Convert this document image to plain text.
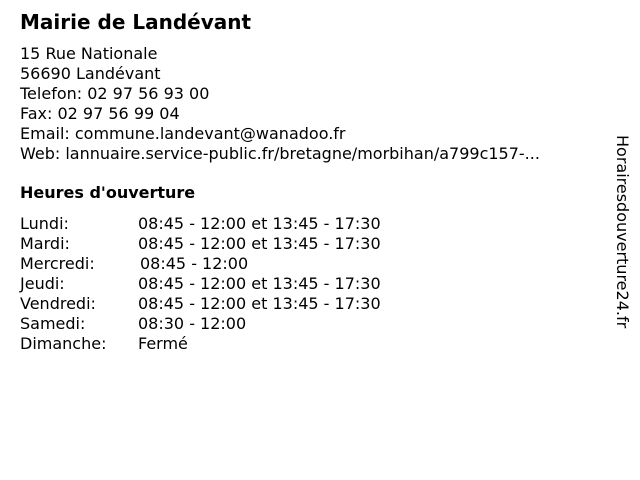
Mairie de Landévant
15 Rue Nationale
56690 Landévant
Telefon: 02 97 56 93 00
Fax: 02 97 56 99 04
Email: commune.landevant@wanadoo.fr
Web: lannuaire.service-public.fr/bretagne/morbihan/a799c157-...
Heures d'ouverture
Lundi:	08:45 - 12:00 et 13:45 - 17:30
Mardi:	08:45 - 12:00 et 13:45 - 17:30
Mercredi:	08:45 - 12:00
Jeudi:	08:45 - 12:00 et 13:45 - 17:30
Vendredi:	08:45 - 12:00 et 13:45 - 17:30
Samedi:	08:30 - 12:00
Dimanche: Fermé
Horairesdouverture24.fr
